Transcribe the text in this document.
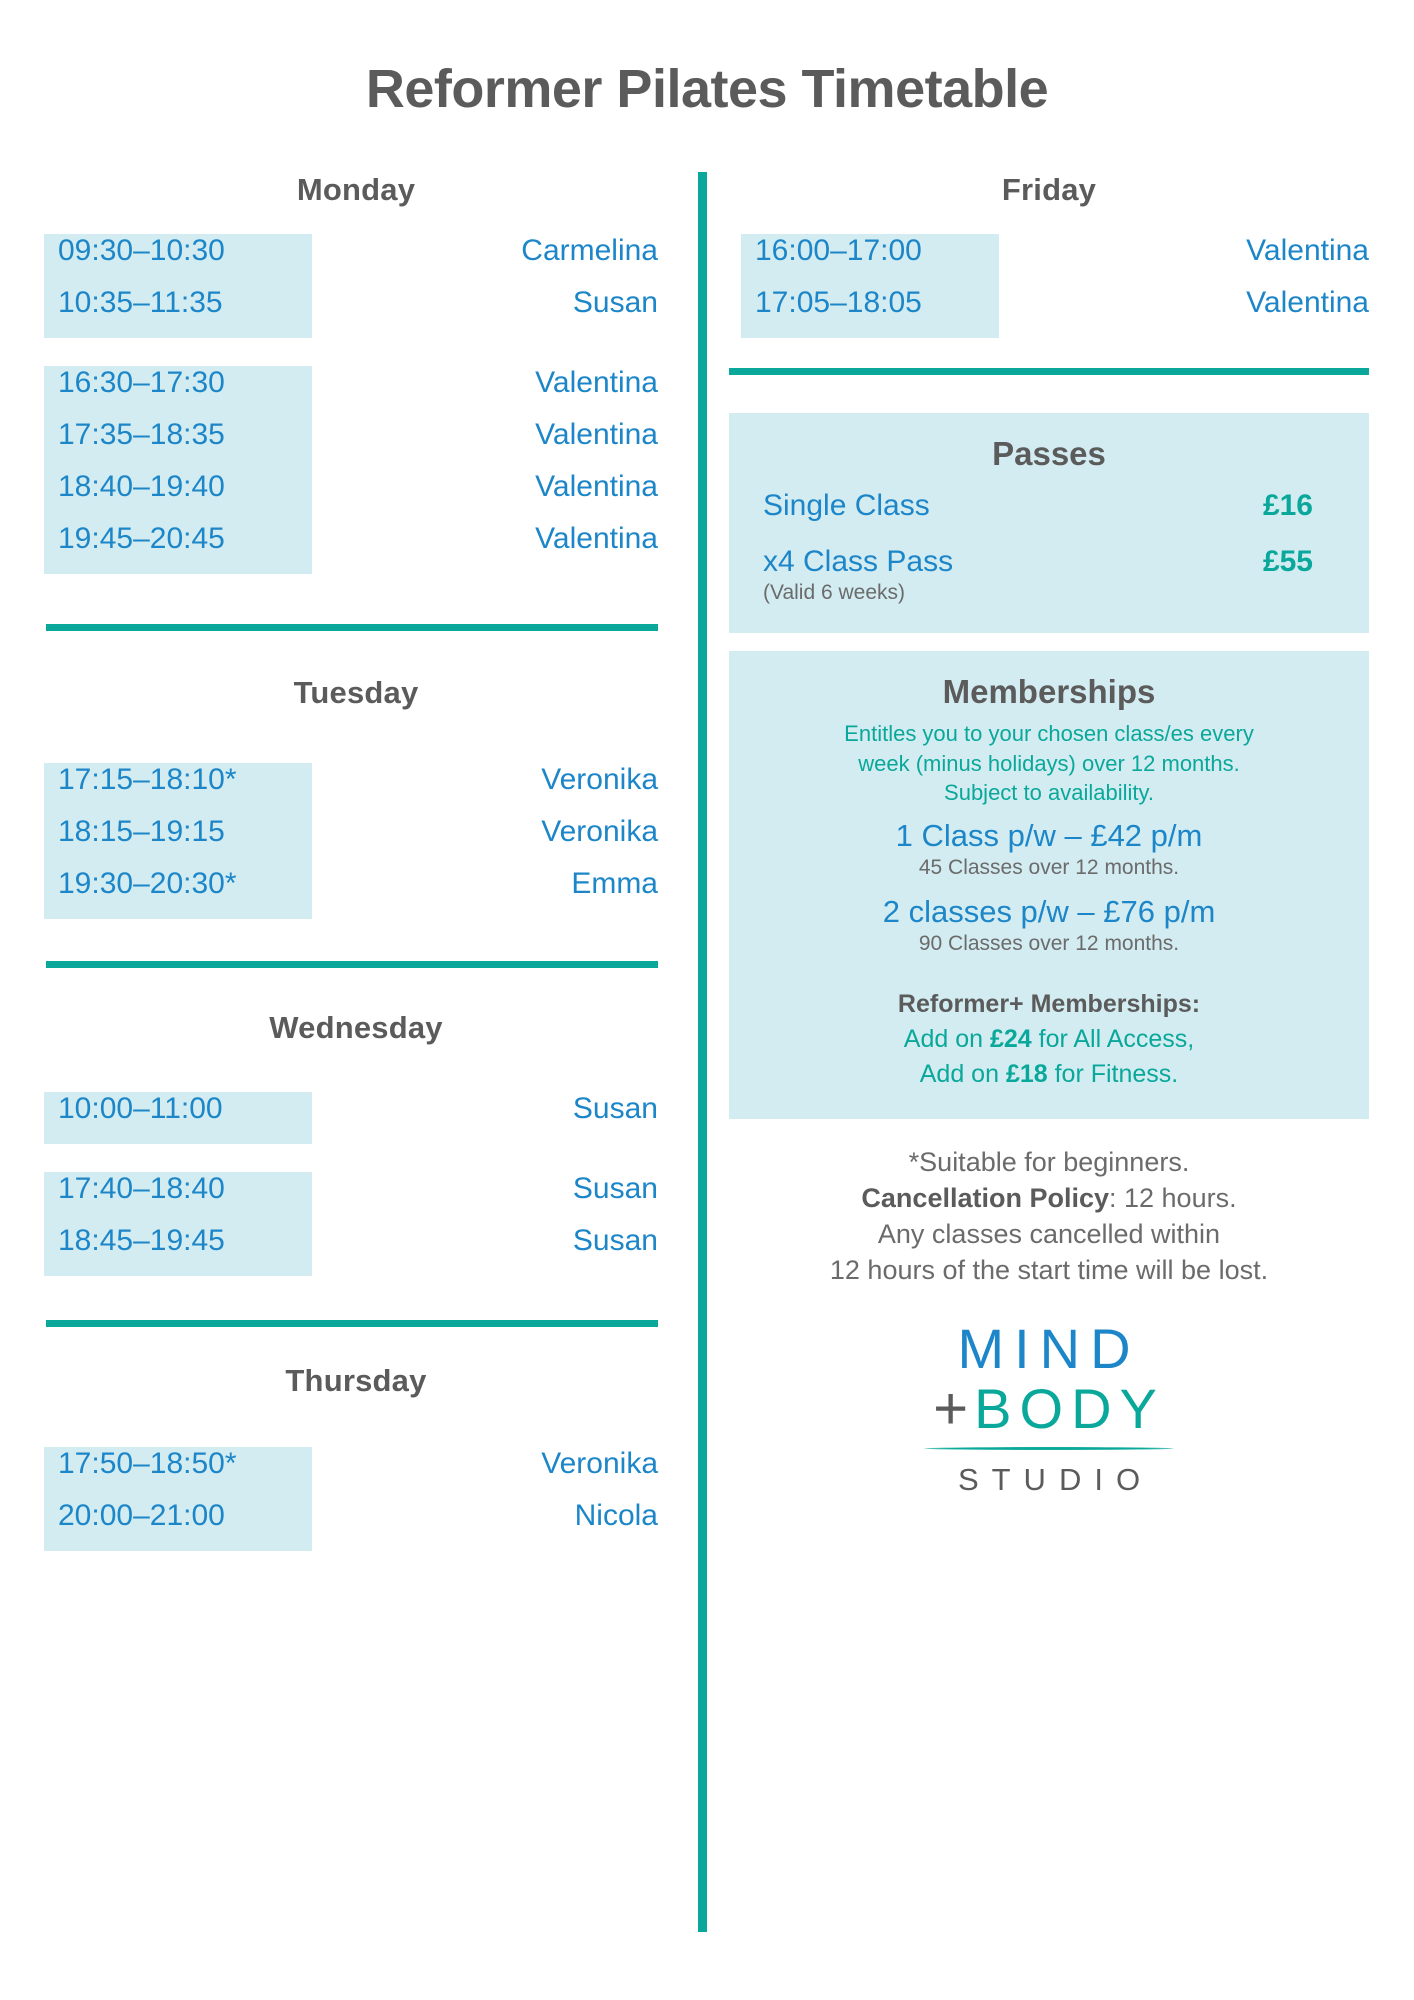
Reformer Pilates Timetable
Monday
09:30–10:30	Carmelina
10:35–11:35	Susan
16:30–17:30	Valentina
17:35–18:35	Valentina
18:40–19:40	Valentina
19:45–20:45	Valentina
Tuesday
17:15–18:10*	Veronika
18:15–19:15	Veronika
19:30–20:30*	Emma
Wednesday
10:00–11:00	Susan
17:40–18:40	Susan
18:45–19:45	Susan
Thursday
17:50–18:50*	Veronika
20:00–21:00	Nicola
Friday
16:00–17:00	Valentina
17:05–18:05	Valentina
Passes
Single Class	£16
x4 Class Pass	£55
(Valid 6 weeks)
Memberships
Entitles you to your chosen class/es every
week (minus holidays) over 12 months.
Subject to availability.
1 Class p/w – £42 p/m
45 Classes over 12 months.
2 classes p/w – £76 p/m
90 Classes over 12 months.
Reformer+ Memberships:
Add on £24 for All Access,
Add on £18 for Fitness.
*Suitable for beginners.
Cancellation Policy: 12 hours.
Any classes cancelled within
12 hours of the start time will be lost.
MIND
+ BODY
STUDIO
